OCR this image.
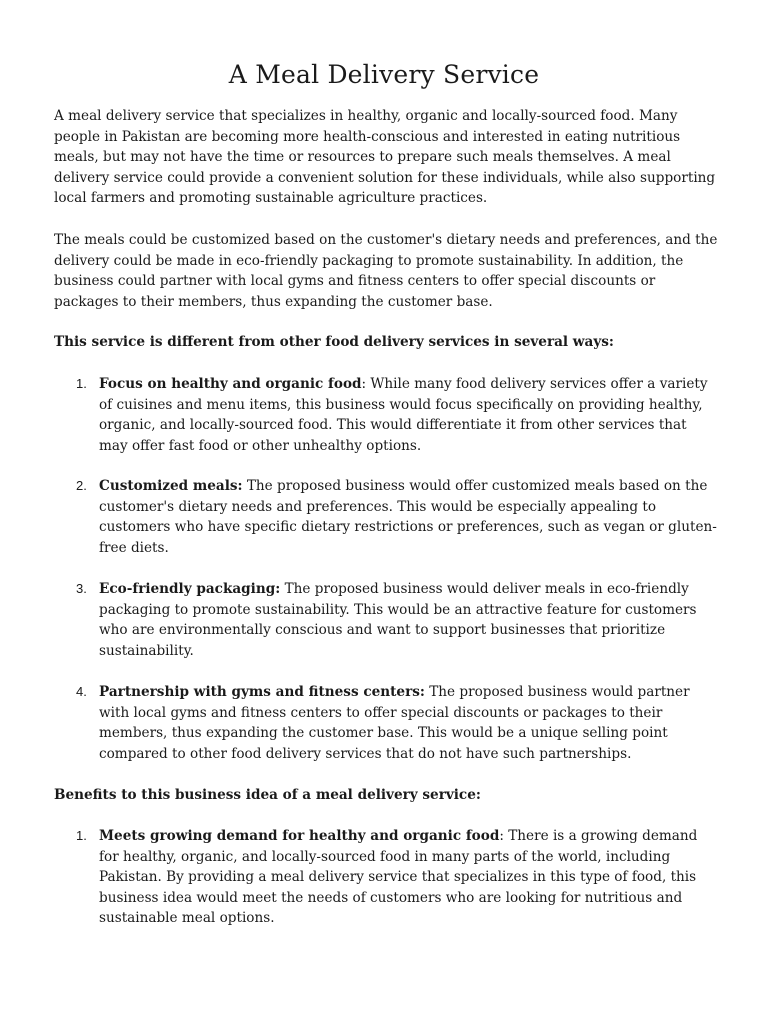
A Meal Delivery Service

A meal delivery service that specializes in healthy, organic and locally-sourced food. Many people in Pakistan are becoming more health-conscious and interested in eating nutritious meals, but may not have the time or resources to prepare such meals themselves. A meal delivery service could provide a convenient solution for these individuals, while also supporting local farmers and promoting sustainable agriculture practices.

The meals could be customized based on the customer's dietary needs and preferences, and the delivery could be made in eco-friendly packaging to promote sustainability. In addition, the business could partner with local gyms and fitness centers to offer special discounts or packages to their members, thus expanding the customer base.

This service is different from other food delivery services in several ways:

1. Focus on healthy and organic food: While many food delivery services offer a variety of cuisines and menu items, this business would focus specifically on providing healthy, organic, and locally-sourced food. This would differentiate it from other services that may offer fast food or other unhealthy options.

2. Customized meals: The proposed business would offer customized meals based on the customer's dietary needs and preferences. This would be especially appealing to customers who have specific dietary restrictions or preferences, such as vegan or gluten-free diets.

3. Eco-friendly packaging: The proposed business would deliver meals in eco-friendly packaging to promote sustainability. This would be an attractive feature for customers who are environmentally conscious and want to support businesses that prioritize sustainability.

4. Partnership with gyms and fitness centers: The proposed business would partner with local gyms and fitness centers to offer special discounts or packages to their members, thus expanding the customer base. This would be a unique selling point compared to other food delivery services that do not have such partnerships.

Benefits to this business idea of a meal delivery service:

1. Meets growing demand for healthy and organic food: There is a growing demand for healthy, organic, and locally-sourced food in many parts of the world, including Pakistan. By providing a meal delivery service that specializes in this type of food, this business idea would meet the needs of customers who are looking for nutritious and sustainable meal options.
